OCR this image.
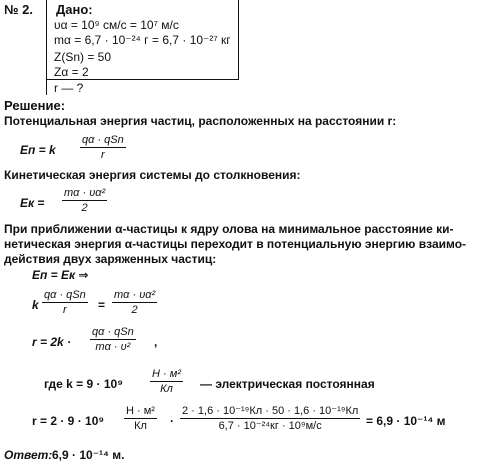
№ 2. Дано:
υα = 10⁹ см/с = 10⁷ м/с
mα = 6,7 · 10⁻²⁴ г = 6,7 · 10⁻²⁷ кг
Z(Sn) = 50
Zα = 2
r — ?
Решение:
Потенциальная энергия частиц, расположенных на расстоянии r:
Eп = k
qα · qSn
r
Кинетическая энергия системы до столкновения:
Eк = $\frac{\text{mα · υα²}}{2}$
При приближении α-частицы к ядру олова на минимальное расстояние ки-
нетическая энергия α-частицы переходит в потенциальную энергию взаимо-
действия двух заряженных частиц:
Eп = Eк ⇒
k
qα · qSn
r	= $\frac{\text{mα · υα²}}{2}$
r = 2k ·
qα · qSn
mα · υ²	,
где k = 9 · 10⁹
Н · м²
Кл	— электрическая постоянная
r = 2 · 9 · 10⁹
Н · м²
Кл	·
2 · 1,6 · 10⁻¹⁹Кл · 50 · 1,6 · 10⁻¹⁹Кл
6,7 · 10⁻²⁴кг · 10⁹м/с	= 6,9 · 10⁻¹⁴ м
Ответ: 6,9 · 10⁻¹⁴ м.
